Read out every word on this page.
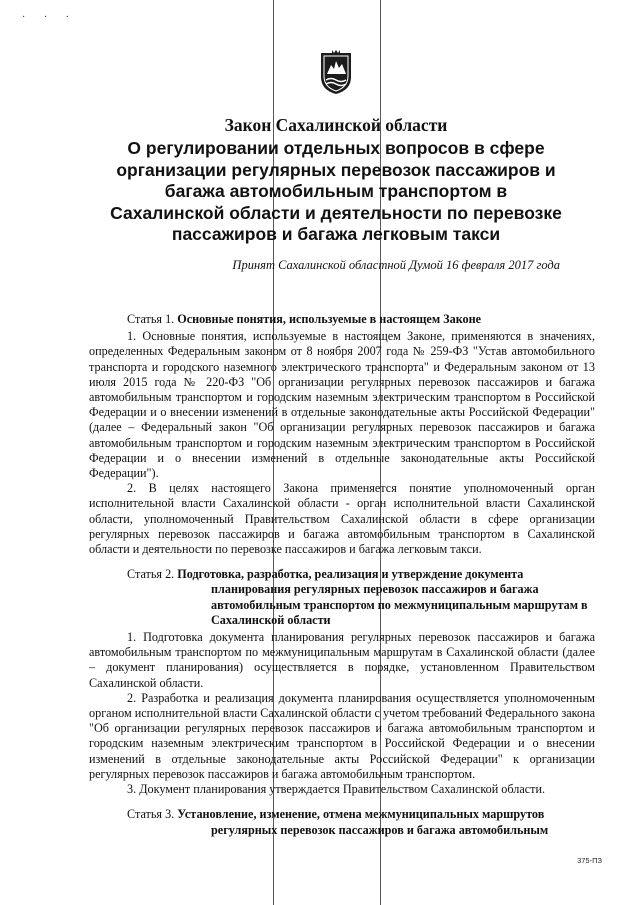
· · ·
Закон Сахалинской области
О регулировании отдельных вопросов в сфере организации регулярных перевозок пассажиров и багажа автомобильным транспортом в Сахалинской области и деятельности по перевозке пассажиров и багажа легковым такси
Принят Сахалинской областной Думой 16 февраля 2017 года

Статья 1. Основные понятия, используемые в настоящем Законе

1. Основные понятия, используемые в настоящем Законе, применяются в значениях, определенных Федеральным законом от 8 ноября 2007 года № 259-ФЗ "Устав автомобильного транспорта и городского наземного электрического транспорта" и Федеральным законом от 13 июля 2015 года № 220-ФЗ "Об организации регулярных перевозок пассажиров и багажа автомобильным транспортом и городским наземным электрическим транспортом в Российской Федерации и о внесении изменений в отдельные законодательные акты Российской Федерации" (далее – Федеральный закон "Об организации регулярных перевозок пассажиров и багажа автомобильным транспортом и городским наземным электрическим транспортом в Российской Федерации и о внесении изменений в отдельные законодательные акты Российской Федерации").

2. В целях настоящего Закона применяется понятие уполномоченный орган исполнительной власти Сахалинской области - орган исполнительной власти Сахалинской области, уполномоченный Правительством Сахалинской области в сфере организации регулярных перевозок пассажиров и багажа автомобильным транспортом в Сахалинской области и деятельности по перевозке пассажиров и багажа легковым такси.

Статья 2. Подготовка, разработка, реализация и утверждение документа планирования регулярных перевозок пассажиров и багажа автомобильным транспортом по межмуниципальным маршрутам в Сахалинской области

1. Подготовка документа планирования регулярных перевозок пассажиров и багажа автомобильным транспортом по межмуниципальным маршрутам в Сахалинской области (далее – документ планирования) осуществляется в порядке, установленном Правительством Сахалинской области.

2. Разработка и реализация документа планирования осуществляется уполномоченным органом исполнительной власти Сахалинской области с учетом требований Федерального закона "Об организации регулярных перевозок пассажиров и багажа автомобильным транспортом и городским наземным электрическим транспортом в Российской Федерации и о внесении изменений в отдельные законодательные акты Российской Федерации" к организации регулярных перевозок пассажиров и багажа автомобильным транспортом.

3. Документ планирования утверждается Правительством Сахалинской области.

Статья 3. Установление, изменение, отмена межмуниципальных маршрутов регулярных перевозок пассажиров и багажа автомобильным

375-ПЗ
